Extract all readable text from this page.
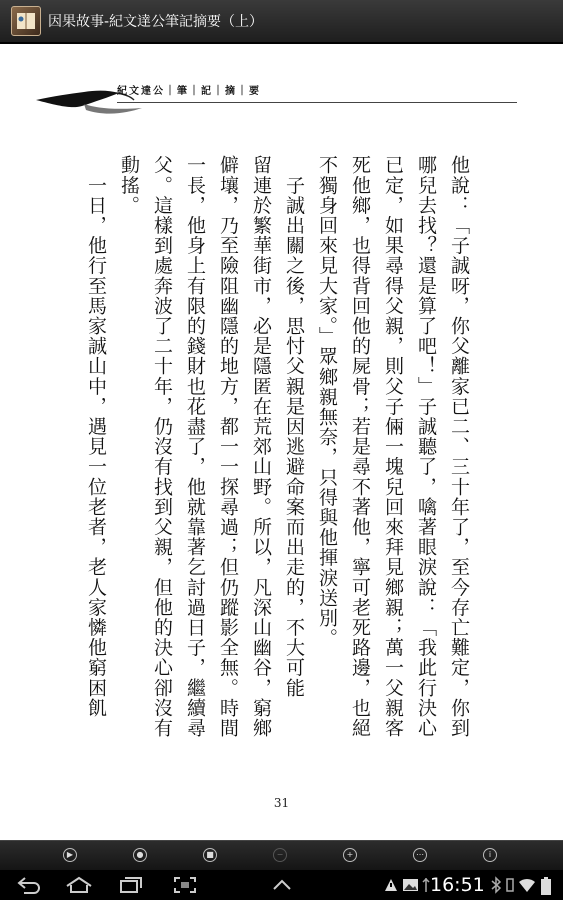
因果故事-紀文達公筆記摘要（上）
紀文達公｜筆｜記｜摘｜要
他說：「子誠呀，你父離家已二、三十年了，至今存亡難定，你到
哪兒去找？還是算了吧！」子誠聽了，噙著眼淚說：「我此行決心
已定，如果尋得父親，則父子倆一塊兒回來拜見鄉親；萬一父親客
死他鄉，也得背回他的屍骨；若是尋不著他，寧可老死路邊，也絕
不獨身回來見大家。」眾鄉親無奈，只得與他揮淚送別。
　子誠出關之後，思忖父親是因逃避命案而出走的，不大可能
留連於繁華街市，必是隱匿在荒郊山野。所以，凡深山幽谷，窮鄉
僻壤，乃至險阻幽隱的地方，都一一探尋過；但仍蹤影全無。時間
一長，他身上有限的錢財也花盡了，他就靠著乞討過日子，繼續尋
父。這樣到處奔波了二十年，仍沒有找到父親，但他的決心卻沒有
動搖。
　一日，他行至馬家誠山中，遇見一位老者，老人家憐他窮困飢
31
▶	●	■	−	+	⋯	i
16:51
